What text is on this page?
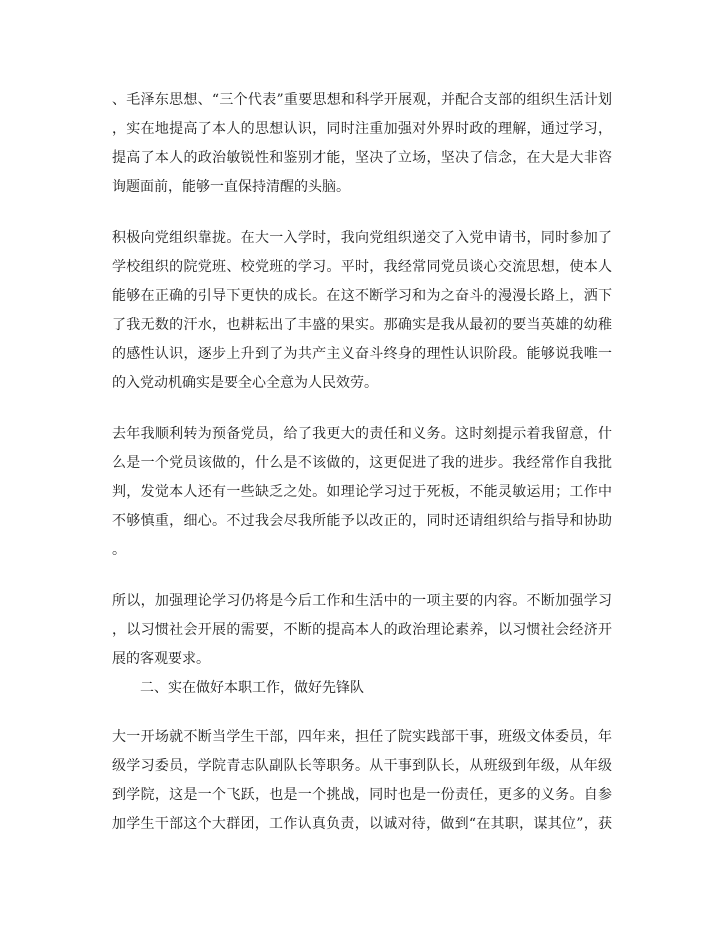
、毛泽东思想、“三个代表”重要思想和科学开展观，并配合支部的组织生活计划
，实在地提高了本人的思想认识，同时注重加强对外界时政的理解，通过学习，
提高了本人的政治敏锐性和鉴别才能，坚决了立场，坚决了信念，在大是大非咨
询题面前，能够一直保持清醒的头脑。
积极向党组织靠拢。在大一入学时，我向党组织递交了入党申请书，同时参加了
学校组织的院党班、校党班的学习。平时，我经常同党员谈心交流思想，使本人
能够在正确的引导下更快的成长。在这不断学习和为之奋斗的漫漫长路上，洒下
了我无数的汗水，也耕耘出了丰盛的果实。那确实是我从最初的要当英雄的幼稚
的感性认识，逐步上升到了为共产主义奋斗终身的理性认识阶段。能够说我唯一
的入党动机确实是要全心全意为人民效劳。
去年我顺利转为预备党员，给了我更大的责任和义务。这时刻提示着我留意，什
么是一个党员该做的，什么是不该做的，这更促进了我的进步。我经常作自我批
判，发觉本人还有一些缺乏之处。如理论学习过于死板，不能灵敏运用；工作中
不够慎重，细心。不过我会尽我所能予以改正的，同时还请组织给与指导和协助
。
所以，加强理论学习仍将是今后工作和生活中的一项主要的内容。不断加强学习
，以习惯社会开展的需要，不断的提高本人的政治理论素养，以习惯社会经济开
展的客观要求。
二、实在做好本职工作，做好先锋队
大一开场就不断当学生干部，四年来，担任了院实践部干事，班级文体委员，年
级学习委员，学院青志队副队长等职务。从干事到队长，从班级到年级，从年级
到学院，这是一个飞跃，也是一个挑战，同时也是一份责任，更多的义务。自参
加学生干部这个大群团，工作认真负责，以诚对待，做到“在其职，谋其位”，获
